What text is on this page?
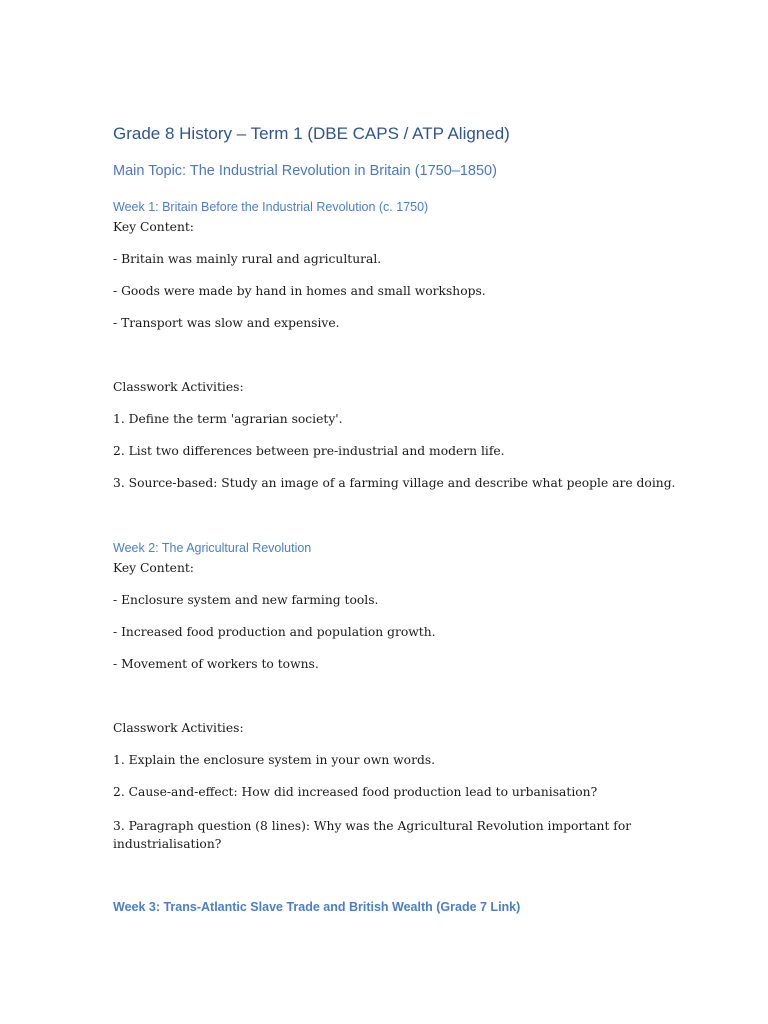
Grade 8 History – Term 1 (DBE CAPS / ATP Aligned)
Main Topic: The Industrial Revolution in Britain (1750–1850)
Week 1: Britain Before the Industrial Revolution (c. 1750)
Key Content:
- Britain was mainly rural and agricultural.
- Goods were made by hand in homes and small workshops.
- Transport was slow and expensive.
Classwork Activities:
1. Define the term 'agrarian society'.
2. List two differences between pre-industrial and modern life.
3. Source-based: Study an image of a farming village and describe what people are doing.
Week 2: The Agricultural Revolution
Key Content:
- Enclosure system and new farming tools.
- Increased food production and population growth.
- Movement of workers to towns.
Classwork Activities:
1. Explain the enclosure system in your own words.
2. Cause-and-effect: How did increased food production lead to urbanisation?
3. Paragraph question (8 lines): Why was the Agricultural Revolution important for industrialisation?
Week 3: Trans-Atlantic Slave Trade and British Wealth (Grade 7 Link)
